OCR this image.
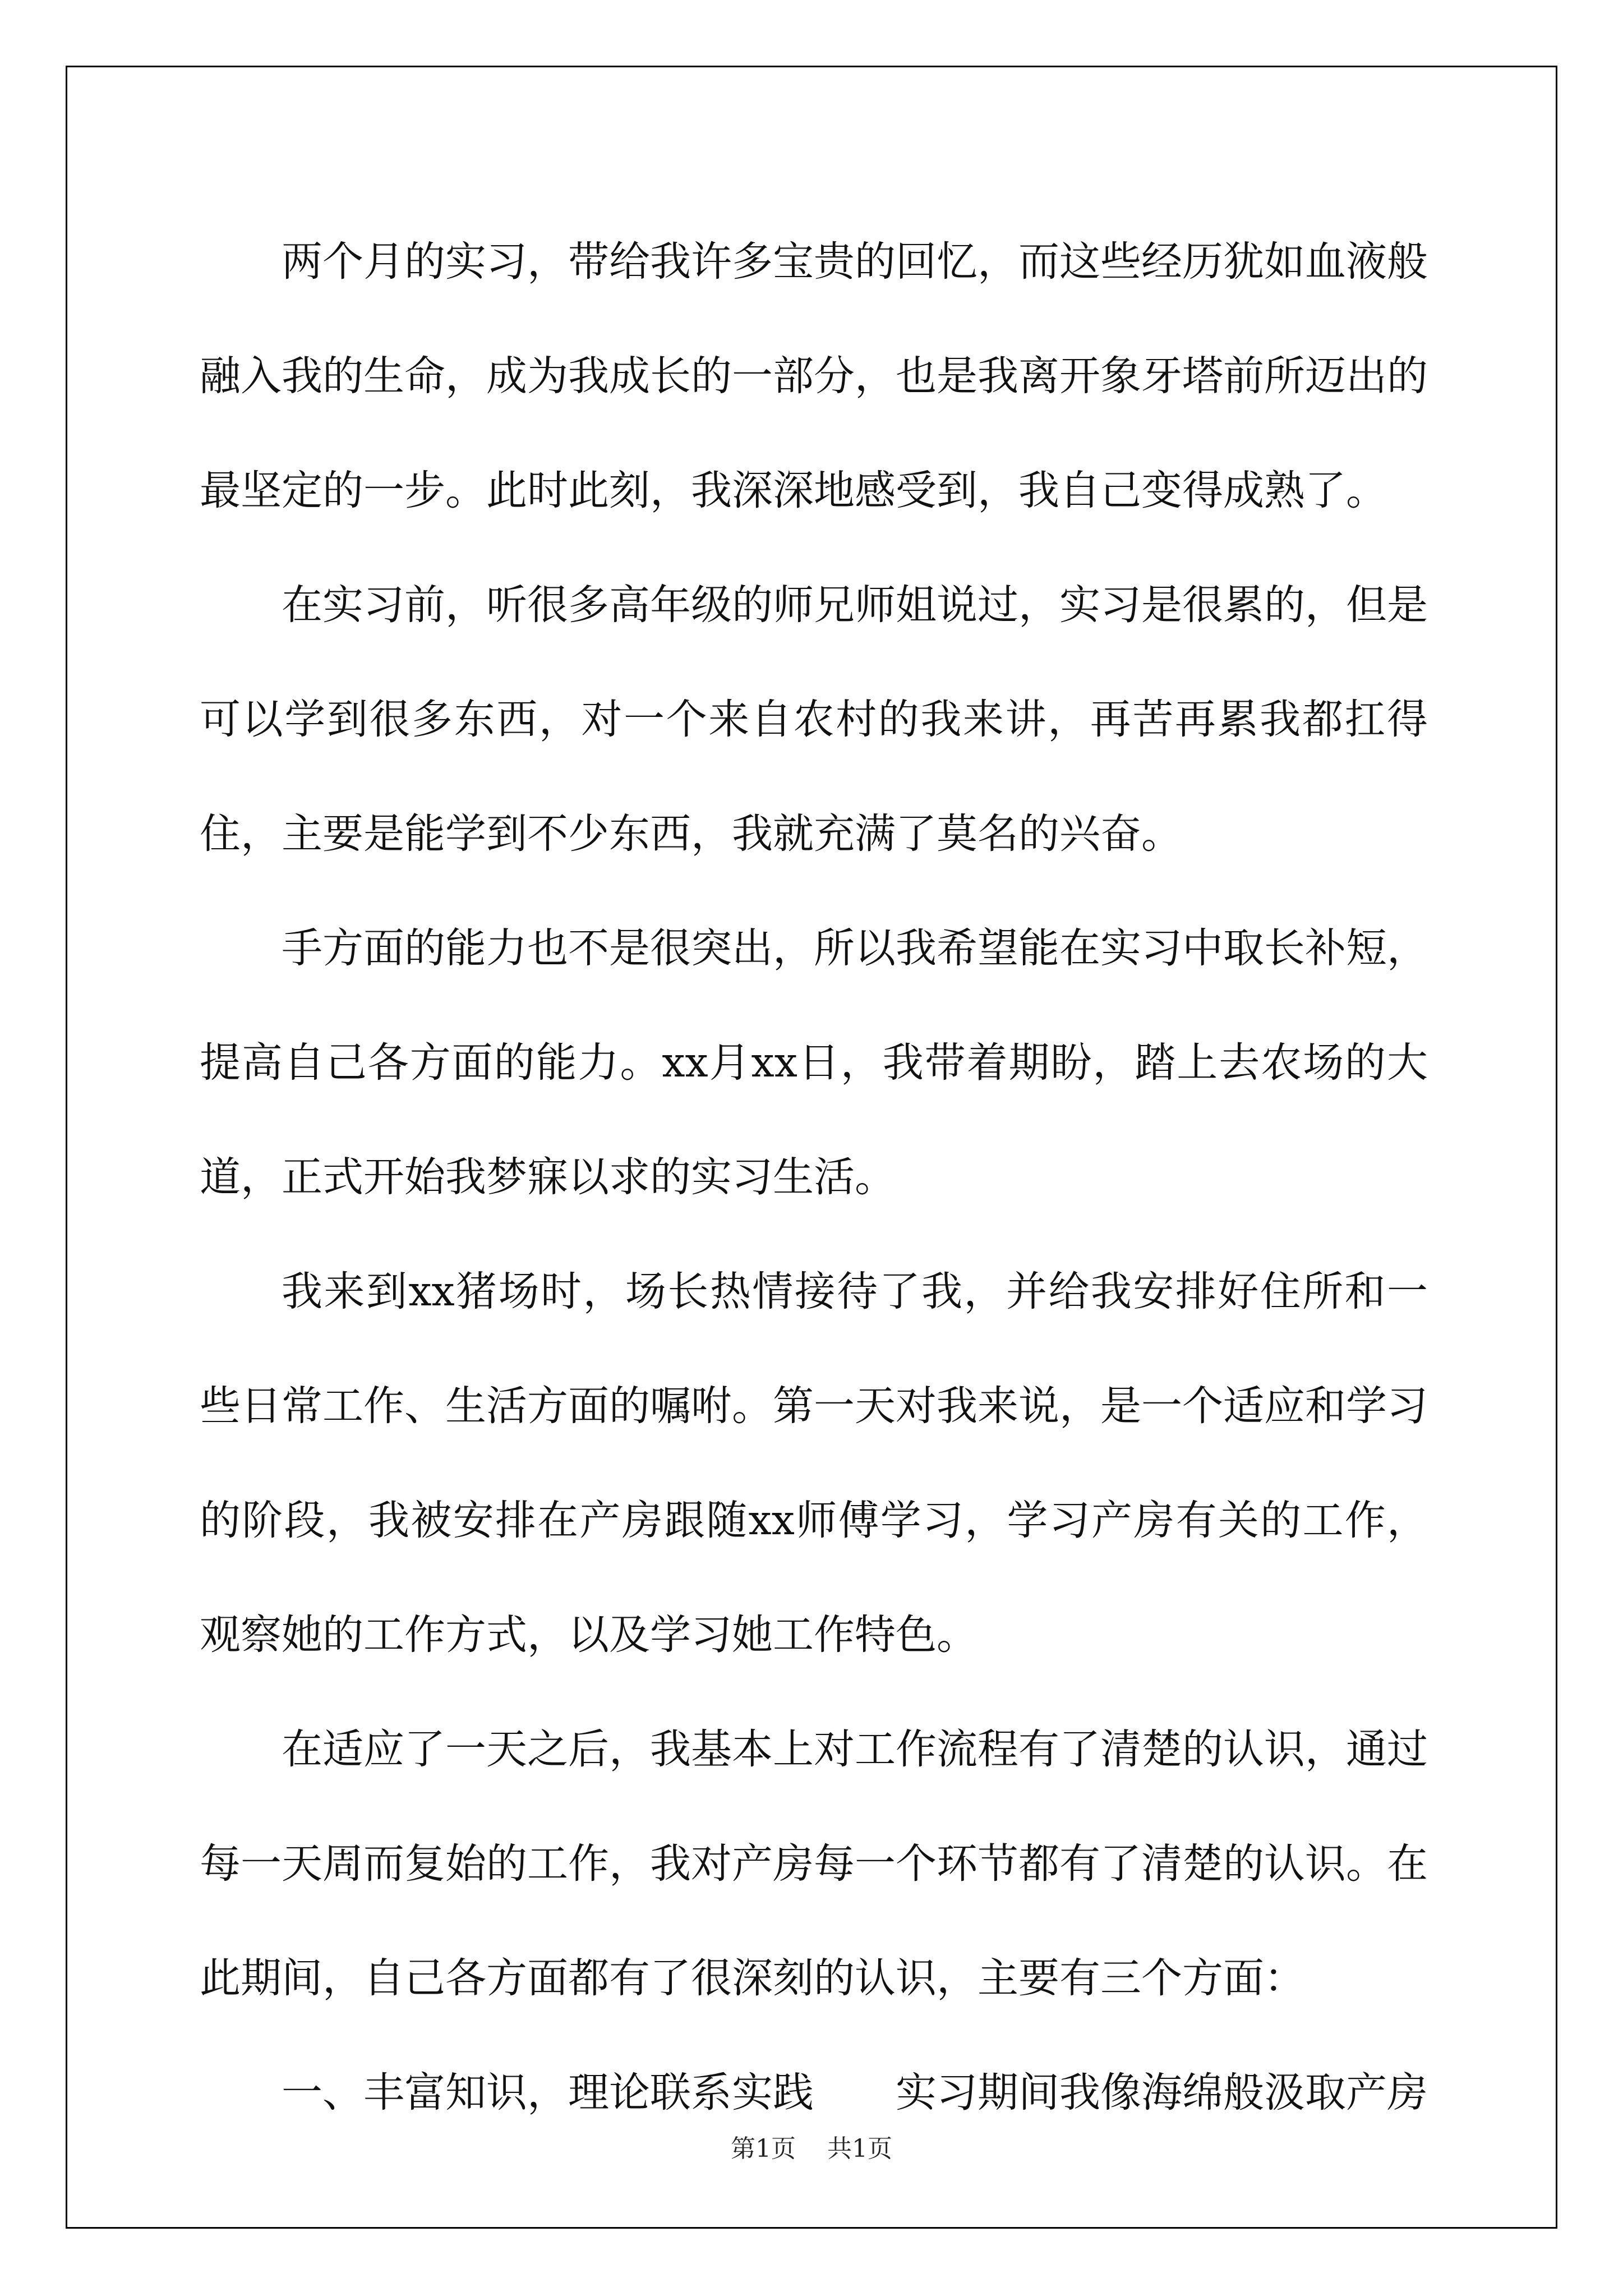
两个月的实习，带给我许多宝贵的回忆，而这些经历犹如血液般融入我的生命，成为我成长的一部分，也是我离开象牙塔前所迈出的最坚定的一步。此时此刻，我深深地感受到，我自己变得成熟了。

在实习前，听很多高年级的师兄师姐说过，实习是很累的，但是可以学到很多东西，对一个来自农村的我来讲，再苦再累我都扛得住，主要是能学到不少东西，我就充满了莫名的兴奋。

手方面的能力也不是很突出，所以我希望能在实习中取长补短，提高自己各方面的能力。xx月xx日，我带着期盼，踏上去农场的大道，正式开始我梦寐以求的实习生活。

我来到xx猪场时，场长热情接待了我，并给我安排好住所和一些日常工作、生活方面的嘱咐。第一天对我来说，是一个适应和学习的阶段，我被安排在产房跟随xx师傅学习，学习产房有关的工作，观察她的工作方式，以及学习她工作特色。

在适应了一天之后，我基本上对工作流程有了清楚的认识，通过每一天周而复始的工作，我对产房每一个环节都有了清楚的认识。在此期间，自己各方面都有了很深刻的认识，主要有三个方面：

一、丰富知识，理论联系实践　　实习期间我像海绵般汲取产房

第1页 共1页
